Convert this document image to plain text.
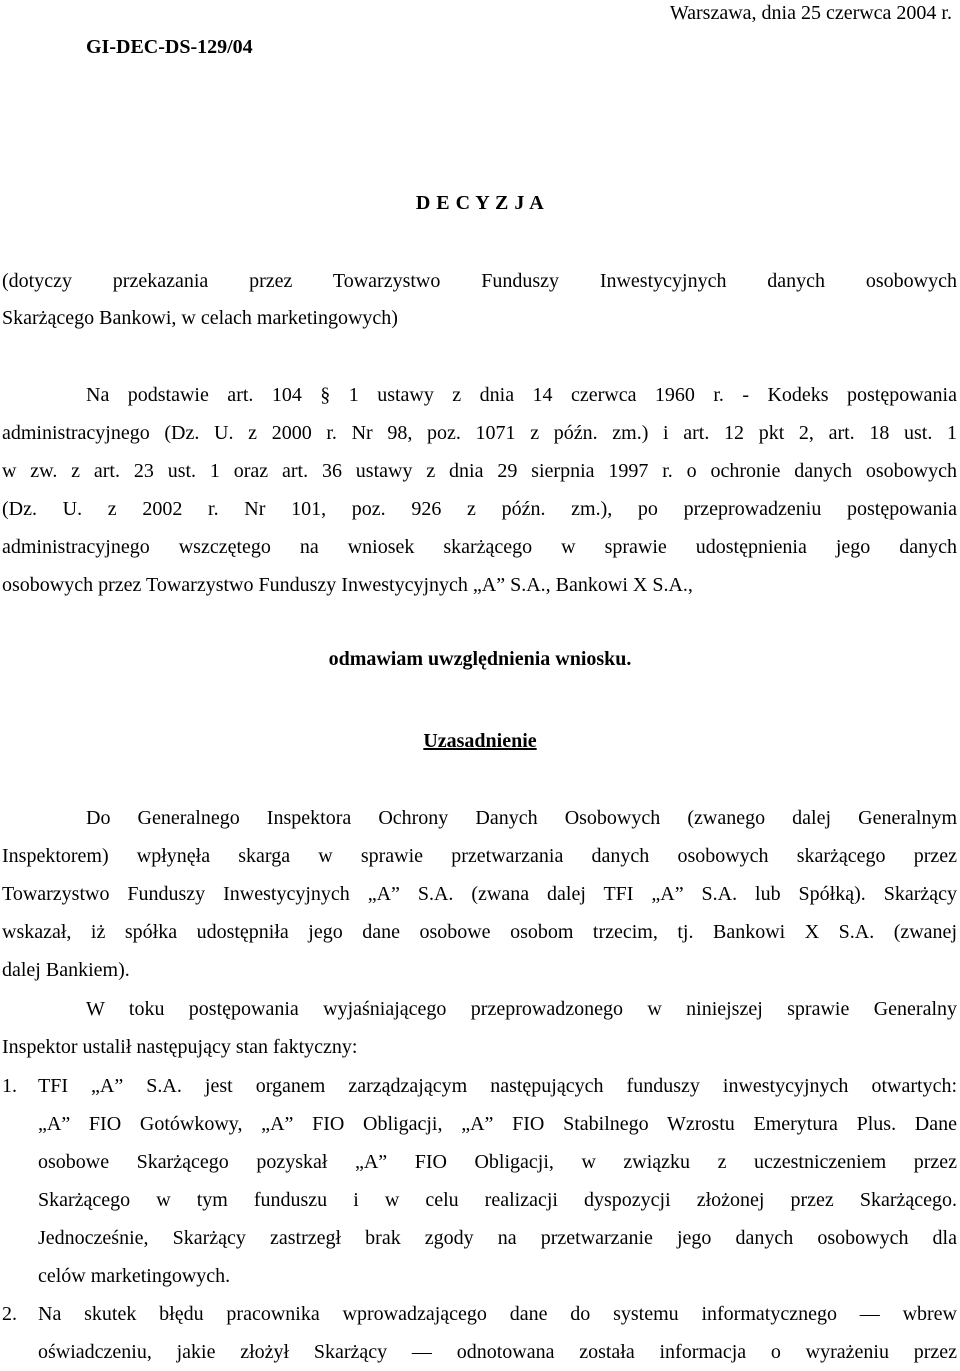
Warszawa, dnia 25 czerwca 2004 r.
GI-DEC-DS-129/04
D E C Y Z J A
(dotyczy przekazania przez Towarzystwo Funduszy Inwestycyjnych danych osobowych
Skarżącego Bankowi, w celach marketingowych)
Na podstawie art. 104 § 1 ustawy z dnia 14 czerwca 1960 r. - Kodeks postępowania
administracyjnego (Dz. U. z 2000 r. Nr 98, poz. 1071 z późn. zm.) i art. 12 pkt 2, art. 18 ust. 1
w zw. z art. 23 ust. 1 oraz art. 36 ustawy z dnia 29 sierpnia 1997 r. o ochronie danych osobowych
(Dz. U. z 2002 r. Nr 101, poz. 926 z późn. zm.), po przeprowadzeniu postępowania
administracyjnego wszczętego na wniosek skarżącego w sprawie udostępnienia jego danych
osobowych przez Towarzystwo Funduszy Inwestycyjnych „A” S.A., Bankowi X S.A.,
odmawiam uwzględnienia wniosku.
Uzasadnienie
Do Generalnego Inspektora Ochrony Danych Osobowych (zwanego dalej Generalnym
Inspektorem) wpłynęła skarga w sprawie przetwarzania danych osobowych skarżącego przez
Towarzystwo Funduszy Inwestycyjnych „A” S.A. (zwana dalej TFI „A” S.A. lub Spółką). Skarżący
wskazał, iż spółka udostępniła jego dane osobowe osobom trzecim, tj. Bankowi X S.A. (zwanej
dalej Bankiem).
W toku postępowania wyjaśniającego przeprowadzonego w niniejszej sprawie Generalny
Inspektor ustalił następujący stan faktyczny:
1. TFI „A” S.A. jest organem zarządzającym następujących funduszy inwestycyjnych otwartych:
„A” FIO Gotówkowy, „A” FIO Obligacji, „A” FIO Stabilnego Wzrostu Emerytura Plus. Dane
osobowe Skarżącego pozyskał „A” FIO Obligacji, w związku z uczestniczeniem przez
Skarżącego w tym funduszu i w celu realizacji dyspozycji złożonej przez Skarżącego.
Jednocześnie, Skarżący zastrzegł brak zgody na przetwarzanie jego danych osobowych dla
celów marketingowych.
2. Na skutek błędu pracownika wprowadzającego dane do systemu informatycznego — wbrew
oświadczeniu, jakie złożył Skarżący — odnotowana została informacja o wyrażeniu przez
